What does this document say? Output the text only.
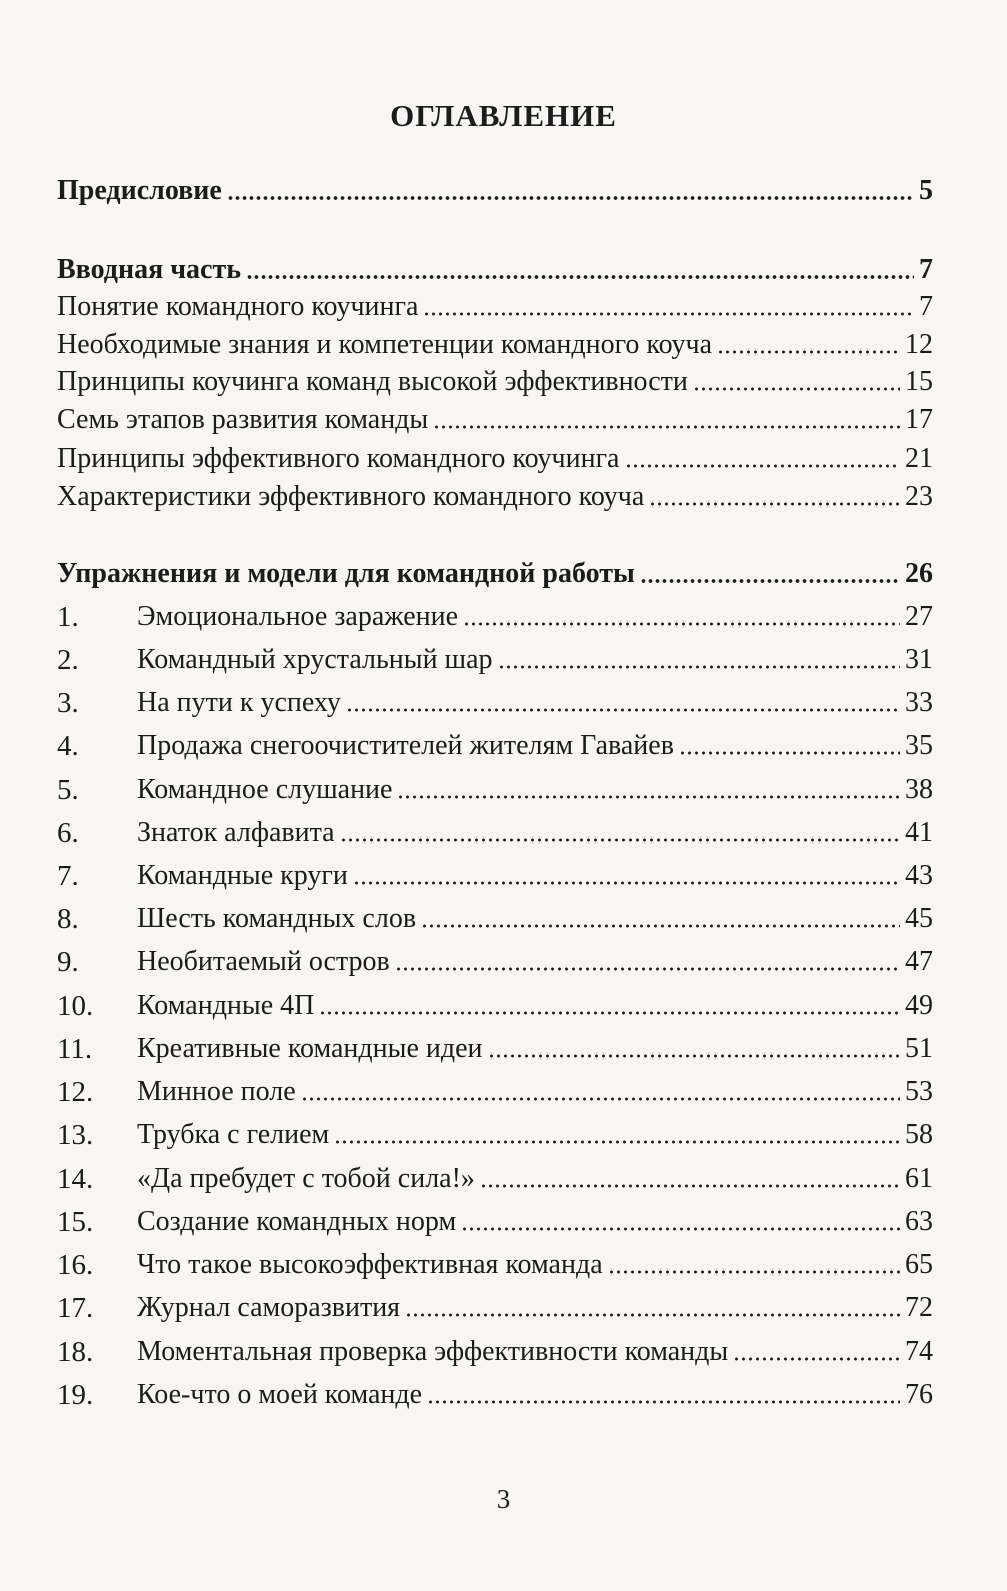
ОГЛАВЛЕНИЕ
Предисловие	5
Вводная часть	7
Понятие командного коучинга	7
Необходимые знания и компетенции командного коуча	12
Принципы коучинга команд высокой эффективности	15
Семь этапов развития команды	17
Принципы эффективного командного коучинга	21
Характеристики эффективного командного коуча	23
Упражнения и модели для командной работы	26
1.	Эмоциональное заражение	27
2.	Командный хрустальный шар	31
3.	На пути к успеху	33
4.	Продажа снегоочистителей жителям Гавайев	35
5.	Командное слушание	38
6.	Знаток алфавита	41
7.	Командные круги	43
8.	Шесть командных слов	45
9.	Необитаемый остров	47
10.	Командные 4П	49
11.	Креативные командные идеи	51
12.	Минное поле	53
13.	Трубка с гелием	58
14.	«Да пребудет с тобой сила!»	61
15.	Создание командных норм	63
16.	Что такое высокоэффективная команда	65
17.	Журнал саморазвития	72
18.	Моментальная проверка эффективности команды	74
19.	Кое-что о моей команде	76
3
